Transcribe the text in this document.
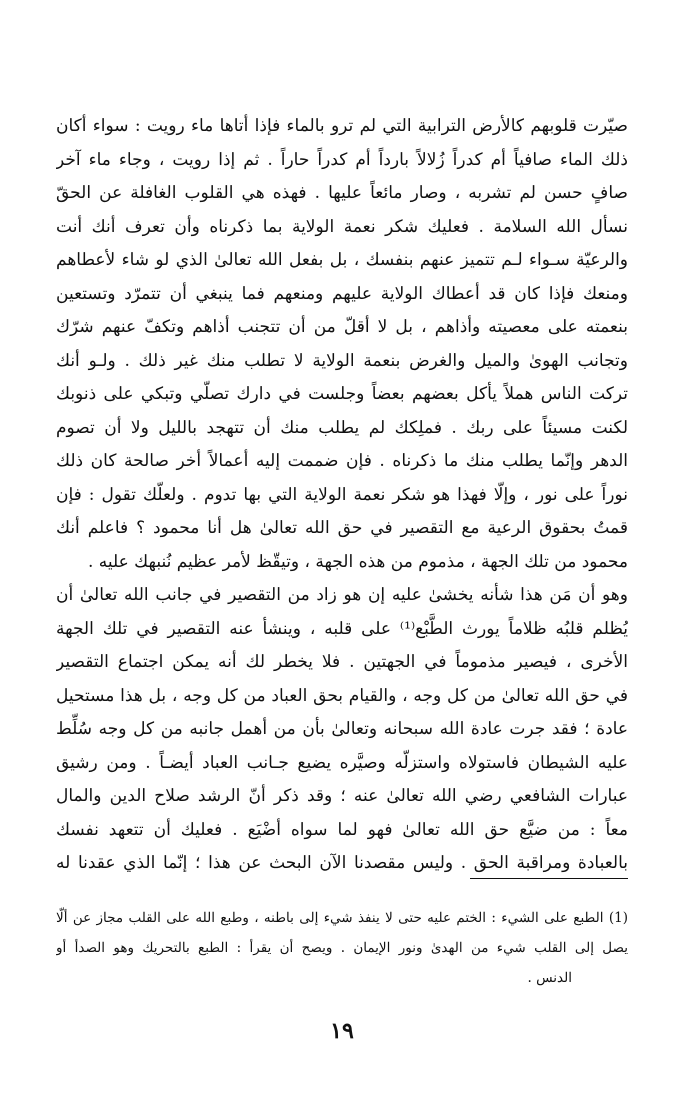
صيّرت قلوبهم كالأرض الترابية التي لم ترو بالماء فإذا أتاها ماء رويت : سواء أكان
ذلك الماء صافياً أم كدراً زُلالاً بارداً أم كدراً حاراً . ثم إذا رويت ، وجاء ماء آخر
صافٍ حسن لم تشربه ، وصار مائعاً عليها . فهذه هي القلوب الغافلة عن الحقّ
نسأل الله السلامة . فعليك شكر نعمة الولاية بما ذكرناه وأن تعرف أنك أنت
والرعيّة سـواء لـم تتميز عنهم بنفسك ، بل بفعل الله تعالىٰ الذي لو شاء لأعطاهم
ومنعك فإذا كان قد أعطاك الولاية عليهم ومنعهم فما ينبغي أن تتمرّد وتستعين
بنعمته على معصيته وأذاهم ، بل لا أقلّ من أن تتجنب أذاهم وتكفّ عنهم شرّك
وتجانب الهوىٰ والميل والغرض بنعمة الولاية لا تطلب منك غير ذلك . ولـو أنك
تركت الناس هملاً يأكل بعضهم بعضاً وجلست في دارك تصلّي وتبكي على ذنوبك
لكنت مسيئاً على ربك . فملِكك لم يطلب منك أن تتهجد بالليل ولا أن تصوم
الدهر وإنّما يطلب منك ما ذكرناه . فإن ضممت إليه أعمالاً أخر صالحة كان ذلك
نوراً على نور ، وإلّا فهذا هو شكر نعمة الولاية التي بها تدوم . ولعلّك تقول : فإن
قمتُ بحقوق الرعية مع التقصير في حق الله تعالىٰ هل أنا محمود ؟ فاعلم أنك
محمود من تلك الجهة ، مذموم من هذه الجهة ، وتيقّظ لأمر عظيم نُنبهك عليه .
وهو أن مَن هذا شأنه يخشىٰ عليه إن هو زاد من التقصير في جانب الله تعالىٰ أن
يُظلم قلبُه ظلاماً يورث الطَّبْع⁽¹⁾ على قلبه ، وينشأ عنه التقصير في تلك الجهة
الأخرى ، فيصير مذموماً في الجهتين . فلا يخطر لك أنه يمكن اجتماع التقصير
في حق الله تعالىٰ من كل وجه ، والقيام بحق العباد من كل وجه ، بل هذا مستحيل
عادة ؛ فقد جرت عادة الله سبحانه وتعالىٰ بأن من أهمل جانبه من كل وجه سُلِّط
عليه الشيطان فاستولاه واستزلّه وصيَّره يضيع جـانب العباد أيضـاً . ومن رشيق
عبارات الشافعي رضي الله تعالىٰ عنه ؛ وقد ذكر أنّ الرشد صلاح الدين والمال
معاً : من ضيَّع حق الله تعالىٰ فهو لما سواه أضْيَع . فعليك أن تتعهد نفسك
بالعبادة ومراقبة الحق . وليس مقصدنا الآن البحث عن هذا ؛ إنّما الذي عقدنا له
(1) الطبع على الشيء : الختم عليه حتى لا ينفذ شيء إلى باطنه ، وطبع الله على القلب مجاز عن ألّا
يصل إلى القلب شيء من الهدىٰ ونور الإيمان . ويصح أن يقرأ : الطبع بالتحريك وهو الصدأ أو
الدنس .
١٩
